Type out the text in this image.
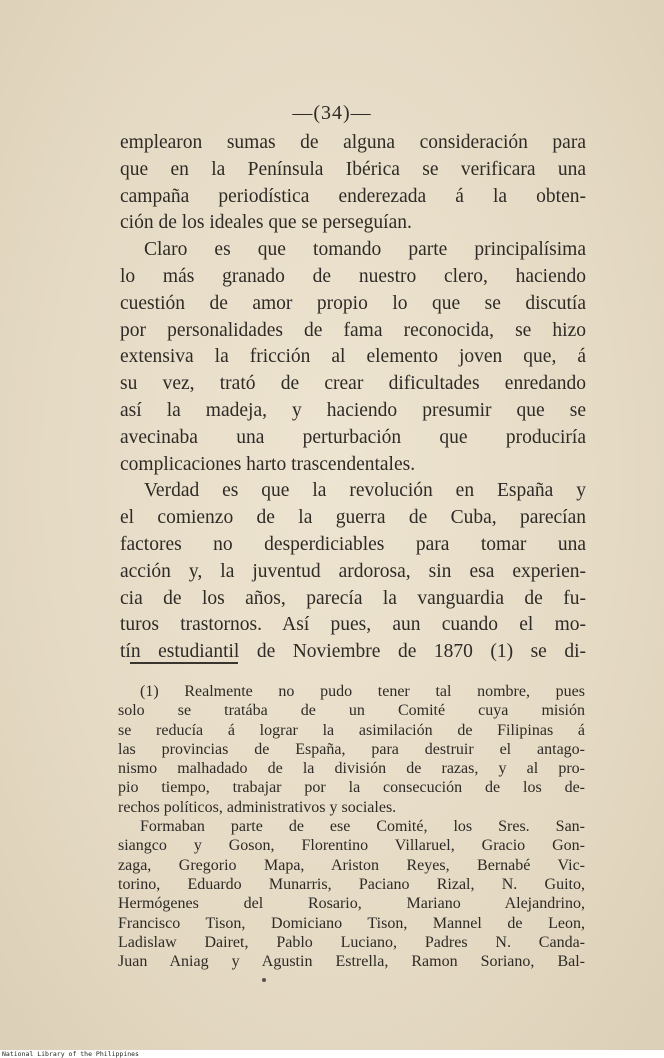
—(34)—
emplearon sumas de alguna consideración para
que en la Península Ibérica se verificara una
campaña periodística enderezada á la obten-
ción de los ideales que se perseguían.
Claro es que tomando parte principalísima
lo más granado de nuestro clero, haciendo
cuestión de amor propio lo que se discutía
por personalidades de fama reconocida, se hizo
extensiva la fricción al elemento joven que, á
su vez, trató de crear dificultades enredando
así la madeja, y haciendo presumir que se
avecinaba una perturbación que produciría
complicaciones harto trascendentales.
Verdad es que la revolución en España y
el comienzo de la guerra de Cuba, parecían
factores no desperdiciables para tomar una
acción y, la juventud ardorosa, sin esa experien-
cia de los años, parecía la vanguardia de fu-
turos trastornos. Así pues, aun cuando el mo-
tín estudiantil de Noviembre de 1870 (1) se di-
(1) Realmente no pudo tener tal nombre, pues
solo se tratába de un Comité cuya misión
se reducía á lograr la asimilación de Filipinas á
las provincias de España, para destruir el antago-
nismo malhadado de la división de razas, y al pro-
pio tiempo, trabajar por la consecución de los de-
rechos políticos, administrativos y sociales.
Formaban parte de ese Comité, los Sres. San-
siangco y Goson, Florentino Villaruel, Gracio Gon-
zaga, Gregorio Mapa, Ariston Reyes, Bernabé Vic-
torino, Eduardo Munarris, Paciano Rizal, N. Guito,
Hermógenes del Rosario, Mariano Alejandrino,
Francisco Tison, Domiciano Tison, Mannel de Leon,
Ladislaw Dairet, Pablo Luciano, Padres N. Canda-
Juan Aniag y Agustin Estrella, Ramon Soriano, Bal-
National Library of the Philippines
